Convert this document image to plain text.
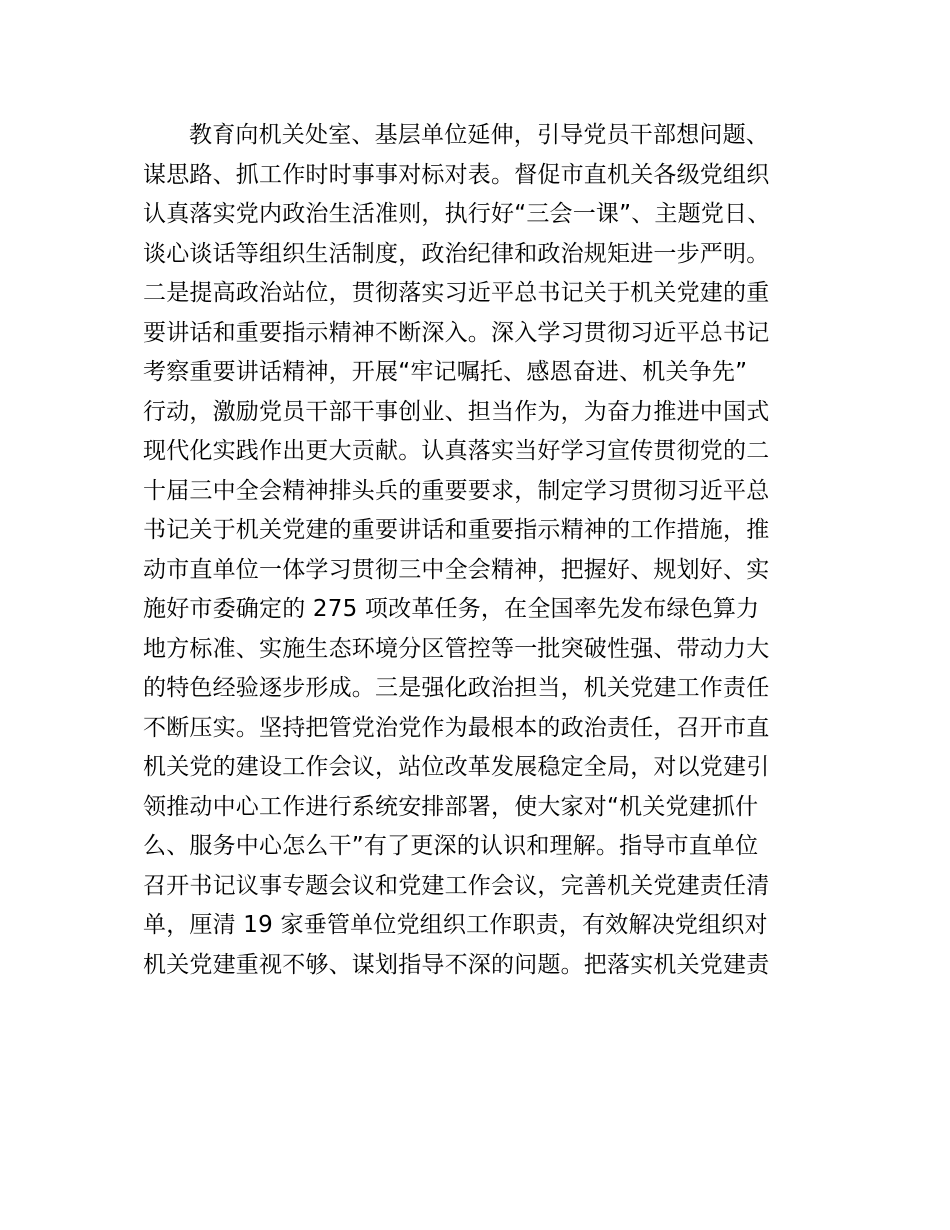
教育向机关处室、基层单位延伸，引导党员干部想问题、
谋思路、抓工作时时事事对标对表。督促市直机关各级党组织
认真落实党内政治生活准则，执行好“三会一课”、主题党日、
谈心谈话等组织生活制度，政治纪律和政治规矩进一步严明。
二是提高政治站位，贯彻落实习近平总书记关于机关党建的重
要讲话和重要指示精神不断深入。深入学习贯彻习近平总书记
考察重要讲话精神，开展“牢记嘱托、感恩奋进、机关争先”
行动，激励党员干部干事创业、担当作为，为奋力推进中国式
现代化实践作出更大贡献。认真落实当好学习宣传贯彻党的二
十届三中全会精神排头兵的重要要求，制定学习贯彻习近平总
书记关于机关党建的重要讲话和重要指示精神的工作措施，推
动市直单位一体学习贯彻三中全会精神，把握好、规划好、实
施好市委确定的 275 项改革任务，在全国率先发布绿色算力
地方标准、实施生态环境分区管控等一批突破性强、带动力大
的特色经验逐步形成。三是强化政治担当，机关党建工作责任
不断压实。坚持把管党治党作为最根本的政治责任，召开市直
机关党的建设工作会议，站位改革发展稳定全局，对以党建引
领推动中心工作进行系统安排部署，使大家对“机关党建抓什
么、服务中心怎么干”有了更深的认识和理解。指导市直单位
召开书记议事专题会议和党建工作会议，完善机关党建责任清
单，厘清 19 家垂管单位党组织工作职责，有效解决党组织对
机关党建重视不够、谋划指导不深的问题。把落实机关党建责
